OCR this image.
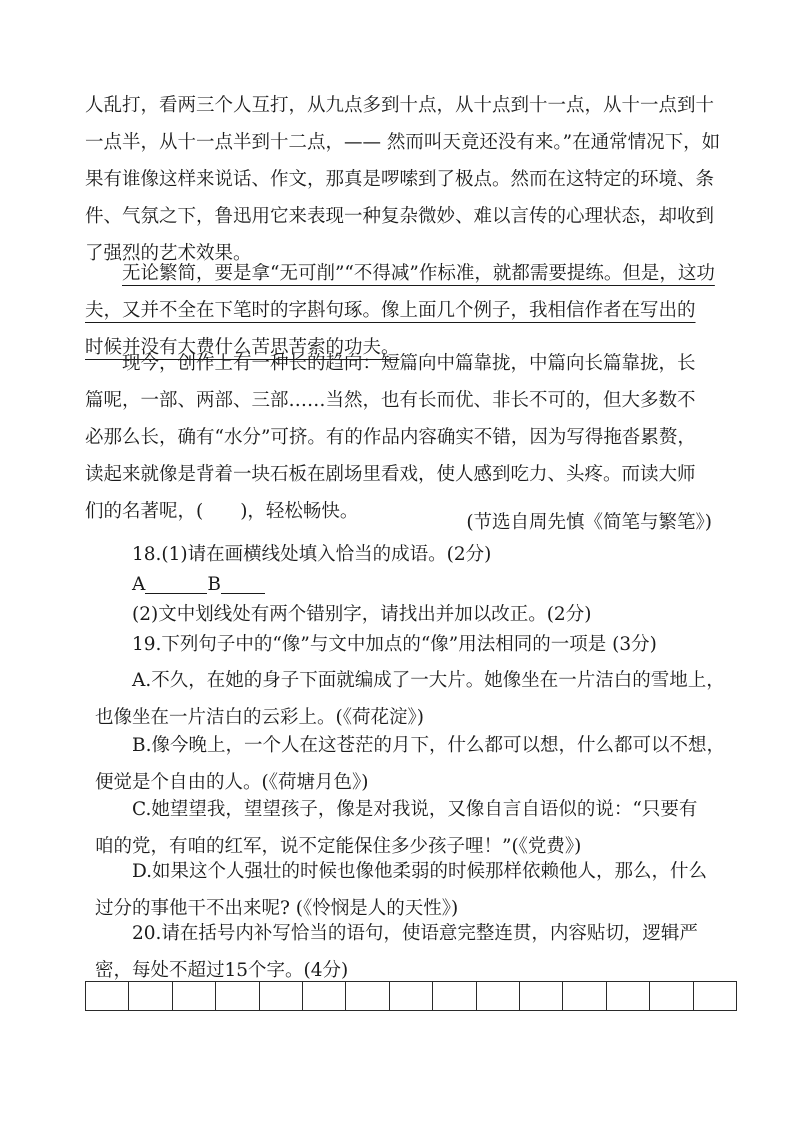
人乱打，看两三个人互打，从九点多到十点，从十点到十一点，从十一点到十
一点半，从十一点半到十二点，—— 然而叫天竟还没有来。”在通常情况下，如
果有谁像这样来说话、作文，那真是啰嗦到了极点。然而在这特定的环境、条
件、气氛之下，鲁迅用它来表现一种复杂微妙、难以言传的心理状态，却收到
了强烈的艺术效果。
无论繁简，要是拿“无可削”“不得减”作标准，就都需要提练。但是，这功
夫，又并不全在下笔时的字斟句琢。像上面几个例子，我相信作者在写出的
时候并没有大费什么苦思苦索的功夫。
现今，创作上有一种长的趋向：短篇向中篇靠拢，中篇向长篇靠拢，长
篇呢，一部、两部、三部……当然，也有长而优、非长不可的，但大多数不
必那么长，确有“水分”可挤。有的作品内容确实不错，因为写得拖沓累赘，
读起来就像是背着一块石板在剧场里看戏，使人感到吃力、头疼。而读大师
们的名著呢，(　　)，轻松畅快。
(节选自周先慎《简笔与繁笔》)
18.(1)请在画横线处填入恰当的成语。(2分)
A	B
(2)文中划线处有两个错别字，请找出并加以改正。(2分)
19.下列句子中的“像”与文中加点的“像”用法相同的一项是 (3分)
A.不久，在她的身子下面就编成了一大片。她像坐在一片洁白的雪地上，
也像坐在一片洁白的云彩上。(《荷花淀》)
B.像今晚上，一个人在这苍茫的月下，什么都可以想，什么都可以不想，
便觉是个自由的人。(《荷塘月色》)
C.她望望我，望望孩子，像是对我说，又像自言自语似的说：“只要有
咱的党，有咱的红军，说不定能保住多少孩子哩！”(《党费》)
D.如果这个人强壮的时候也像他柔弱的时候那样依赖他人，那么，什么
过分的事他干不出来呢? (《怜悯是人的天性》)
20.请在括号内补写恰当的语句，使语意完整连贯，内容贴切，逻辑严
密，每处不超过15个字。(4分)
